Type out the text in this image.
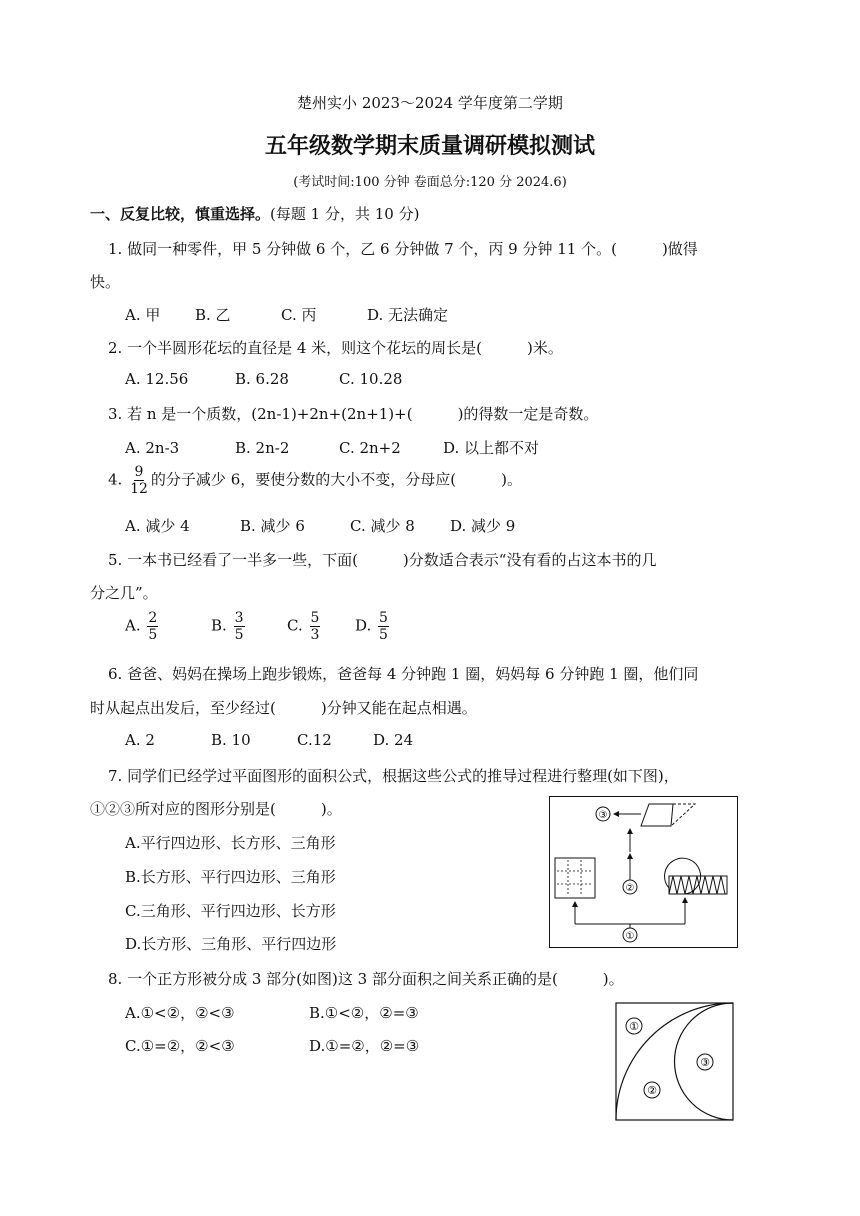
楚州实小 2023～2024 学年度第二学期
五年级数学期末质量调研模拟测试
(考试时间:100 分钟 卷面总分:120 分 2024.6)
一、反复比较，慎重选择。(每题 1 分，共 10 分)
1. 做同一种零件，甲 5 分钟做 6 个，乙 6 分钟做 7 个，丙 9 分钟 11 个。(　　　)做得
快。
A. 甲 B. 乙	C. 丙	D. 无法确定
2. 一个半圆形花坛的直径是 4 米，则这个花坛的周长是(　　　)米。
A. 12.56	B. 6.28	C. 10.28
3. 若 n 是一个质数，(2n-1)+2n+(2n+1)+(　　　)的得数一定是奇数。
A. 2n-3	B. 2n-2	C. 2n+2	D. 以上都不对
4. $\frac{9}{12}$ 的分子减少 6，要使分数的大小不变，分母应(　　　)。
A. 减少 4	B. 减少 6	C. 减少 8 D. 减少 9
5. 一本书已经看了一半多一些，下面(　　　)分数适合表示“没有看的占这本书的几
分之几”。
A. $\frac{2}{5}$	B. $\frac{3}{5}$	C. $\frac{5}{3} D$. $\frac{5}{5}$
6. 爸爸、妈妈在操场上跑步锻炼，爸爸每 4 分钟跑 1 圈，妈妈每 6 分钟跑 1 圈，他们同
时从起点出发后，至少经过(　　　)分钟又能在起点相遇。
A. 2	B. 10	C.12	D. 24
7. 同学们已经学过平面图形的面积公式，根据这些公式的推导过程进行整理(如下图)，
①②③所对应的图形分别是(　　　)。
A.平行四边形、长方形、三角形
B.长方形、平行四边形、三角形
C.三角形、平行四边形、长方形
D.长方形、三角形、平行四边形
③
②
①
8. 一个正方形被分成 3 部分(如图)这 3 部分面积之间关系正确的是(　　　)。
A.①<②，②<③	B.①<②，②=③
C.①=②，②<③	D.①=②，②=③
①
②
③
